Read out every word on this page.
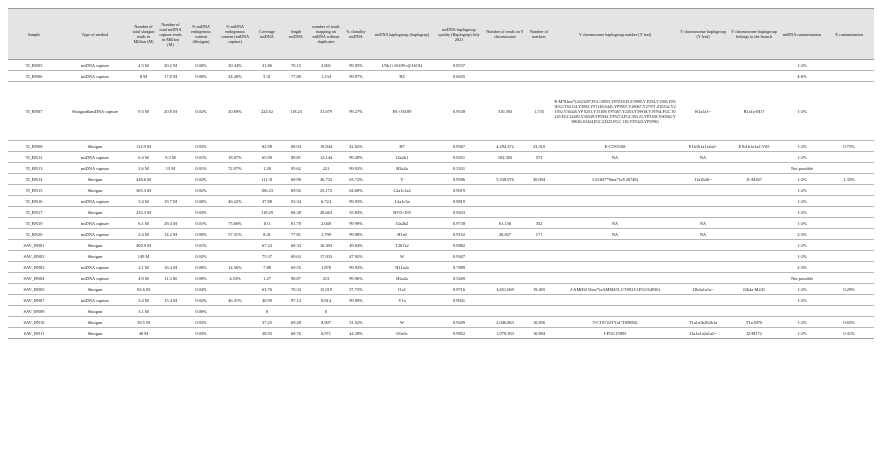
Sample	Type of method	Number of total shotgun reads in Million (M)	Number of total mtDNA capture reads in Million (M)	% mtDNA endogenous content (Shotgun)	% mtDNA endogenous content (mtDNA capture)	Coverage mtDNA	length mtDNA	number of reads mapping on mtDNA without duplicates	% clonality mtDNA	mtDNA haplogroup (haplogrep)	mtDNA haplogroup quality (Haplogrep) July 2021	Number of reads on Y chromosome	Number of markers	Y chromosome haplogroup marker (Y leaf)	Y chromosome haplogroup (Y leaf)	Y chromosome haplogroup belongs to the branch	mtDNA contamination	X contamination
TI_BN05	mtDNA capture	4.5 M	20.2 M	0.00%	30.34%	31.86	70.15	2,801	99.95%	U5b1+16189+@16192	0.8537						1-2%	
TI_BN06	mtDNA capture	8 M	17.8 M	0.00%	24.28%	5.31	77.80	1,134	99.97%	H2	0.6635						4-6%	
TI_BN07	Shotgun&mtDNA capture	9.3 M	20.8 M	0.02%	20.69%	224.62	118.23	31,679	99.27%	H1+16189	0.9538	310,393	1,735	R-M782ins*(xS23297,FGC19055,YP5518,FGC9990,Y P254,V1500,YP4303,CTS2114,Y3092,YP1148,S441,YP5967,Y28667,Y27971,Z29132,Y21592,Y36426,YP 6251,Y15109,YP5367,Y2453,Y59918,Y19764,FGC 30210,FGC22483,Y36349,YP5942,YP5274,FGC394 21,YP5358,Y60362,Y38020,S3424,FGC23325,FGC 130,YP5324,YP5596)	R1a1a1~	R1a1a-M17	1-2%	
TI_BN08	Shotgun	114.9 M		0.03%		82.98	68.94	19,944	42.62%	H7	0.9567	4,294,372	23,310	E-CTS5168	E1b1b1a1a2a2~	E1b1b1a1a2-V65	1-2%	0.75%
TI_BN12	mtDNA capture	6.4 M	9.3 M	0.01%	18.07%	65.09	88.81	12,144	99.28%	J2a2b1	0.9451	102,303	573	NA	NA		1-2%	
TI_BN13	mtDNA capture	2.6 M	15 M	0.01%	72.07%	1.28	95.62	221	99.92%	H2a2a	0.5331						Not possible	
TI_BN14	Shotgun	348.6 M		0.02%		111.31	68.99	26,732	63.72%	V	0.9586	5,538,076	30,094	J-Z1847*9mx*(xY26748)	J1a2b2b~	J1-M267	1-2%	1.35%
TI_BN15	Shotgun	365.3 M		0.02%		106.23	69.92	25,172	64.60%	L2a1c1a2	0.9019						1-2%	
TI_BN16	mtDNA capture	3.4 M	19.7 M	0.00%	46.22%	37.88	93.34	6,724	99.93%	L2a1c3a	0.9819						1-2%	
TI_BN17	Shotgun	233.3 M		0.03%		118.29	68.38	28,663	55.83%	HV0+195	0.9433						1-2%	
TI_BN19	mtDNA capture	6.1 M	29.4 M	0.01%	73.66%	10.1	81.70	2,048	99.99%	J2a2b2	0.9738	61,136	352	NA	NA		1-2%	
TI_BN20	mtDNA capture	2.4 M	14.2 M	0.00%	57.31%	8.41	77.81	1,790	99.98%	H1e6	0.9192	28,827	171	NA	NA		2-3%	
SAV_BN01	Shotgun	400.9 M		0.01%		67.23	68.33	16,303	49.04%	T2b7a2	0.9882						1-2%	
SAV_BN02	Shotgun	149 M		0.02%		75.37	69.63	17,933	47.92%	W	0.9307						1-2%	
SAV_BN03	mtDNA capture	2.1 M	16.4 M	0.00%	14.56%	7.88	69.55	1,878	99.92%	H11a2a	0.7889						2-3%	
SAV_BN04	mtDNA capture	4.9 M	11.3 M	0.00%	4.53%	1.27	98.87	213	99.96%	H2a2a	0.5269						Not possible	
SAV_BN05	Shotgun	82.6 M		0.04%		63.76	70.33	15,019	57.73%	I1a1	0.9716	3,651,669	19,465	J-AM00213ins*(xAMM451,CTS9213,FGC64036)	J2b2a1a1a~	J2b2a-M241	1-2%	0.29%
SAV_BN07	mtDNA capture	3.4 M	15.4 M	0.02%	46.31%	46.99	97.14	8,814	99.89%	V1a	0.9041						1-2%	
SAV_BN09	Shotgun	3.1 M		0.00%		0		0										
SAV_BN10	Shotgun	39.5 M		0.03%		37.25	69.28	8,907	51.52%	W	0.9209	2,046,863	10,856	T-CTS7223*(xCTS9882)	T1a1a1b2b2b1a	T1a-M70	1-2%	0.65%
SAV_BN11	Shotgun	48 M		0.03%		28.93	68.76	6,971	44.28%	U6a5c	0.9852	1,979,393	10,894	J-FGC15895	J2a1a1a2a1a2~	J2-M172	1-2%	0.41%
